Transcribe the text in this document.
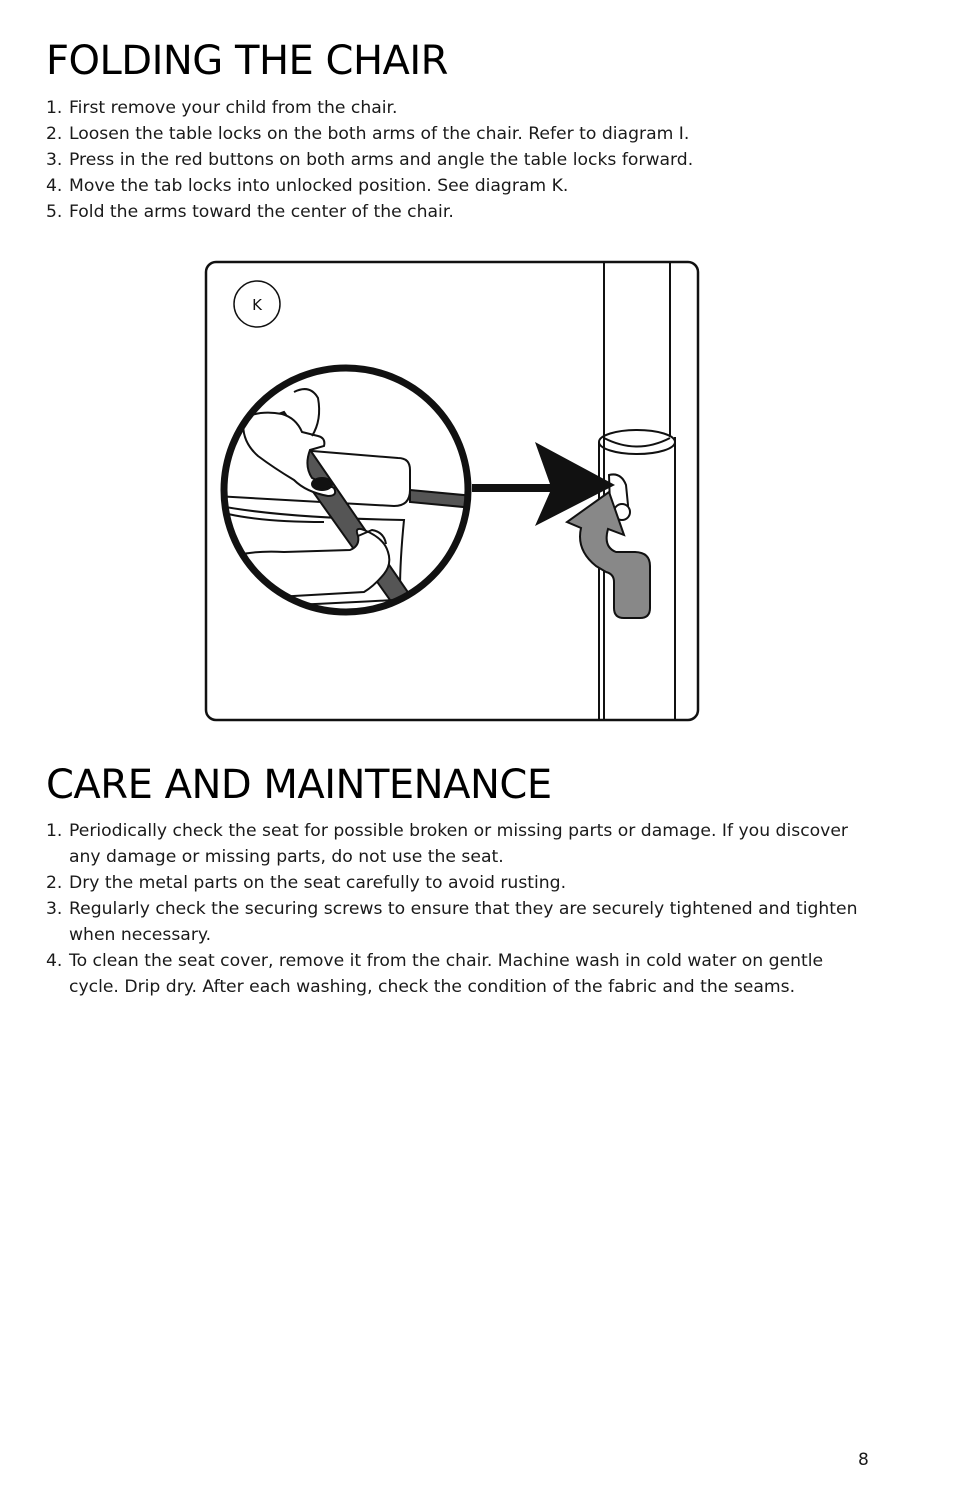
FOLDING THE CHAIR
1. First remove your child from the chair.
2. Loosen the table locks on the both arms of the chair. Refer to diagram I.
3. Press in the red buttons on both arms and angle the table locks forward.
4. Move the tab locks into unlocked position. See diagram K.
5. Fold the arms toward the center of the chair.
K
CARE AND MAINTENANCE
1. Periodically check the seat for possible broken or missing parts or damage. If you discover any damage or missing parts, do not use the seat.
2. Dry the metal parts on the seat carefully to avoid rusting.
3. Regularly check the securing screws to ensure that they are securely tightened and tighten when necessary.
4. To clean the seat cover, remove it from the chair. Machine wash in cold water on gentle cycle. Drip dry. After each washing, check the condition of the fabric and the seams.
8
